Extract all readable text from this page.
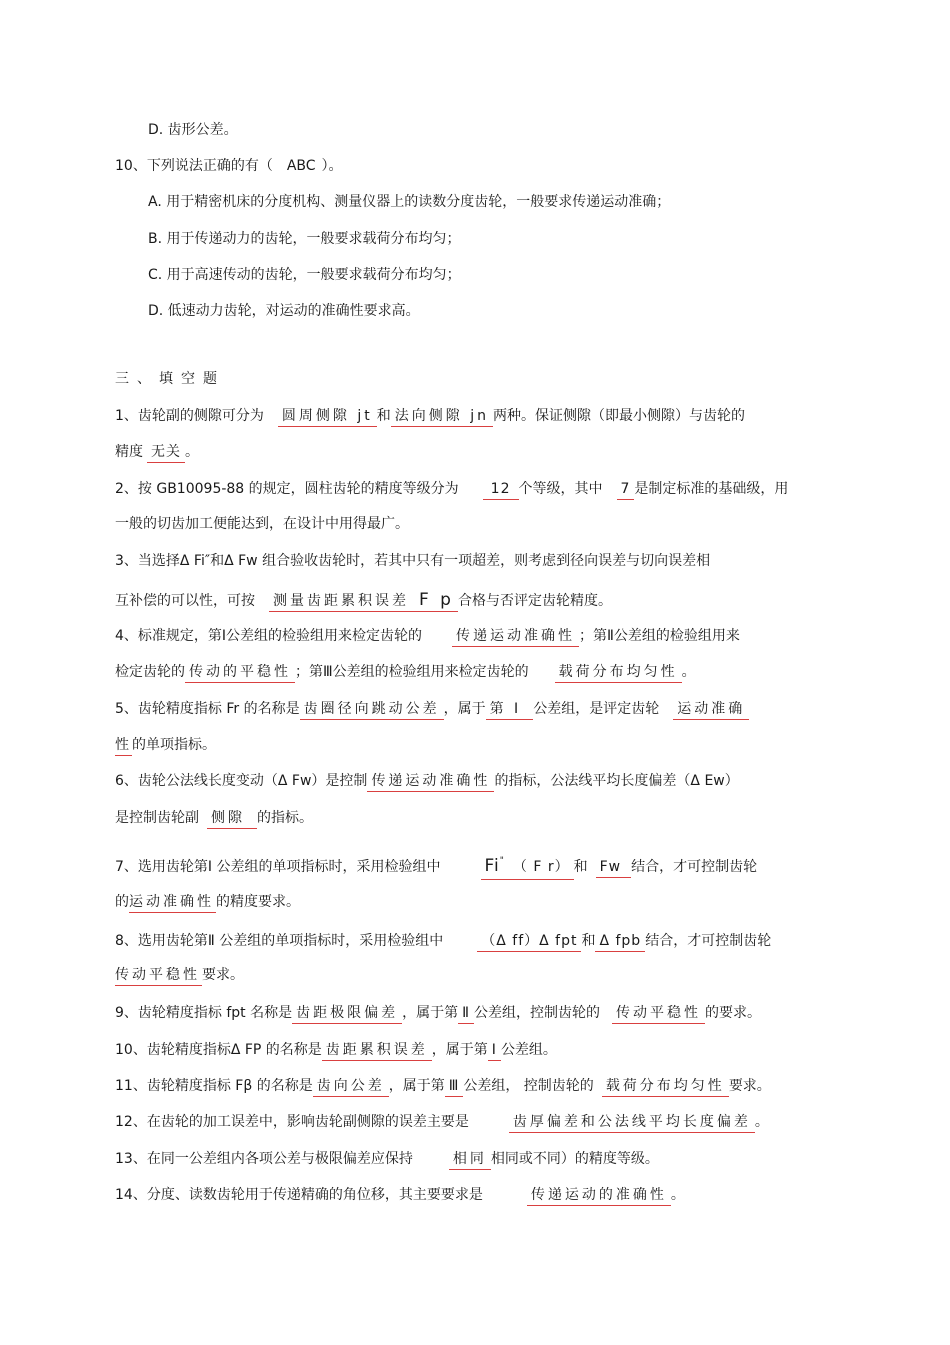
D. 齿形公差。
10、下列说法正确的有（ ABC ）。
A. 用于精密机床的分度机构、测量仪器上的读数分度齿轮，一般要求传递运动准确；
B. 用于传递动力的齿轮，一般要求载荷分布均匀；
C. 用于高速传动的齿轮，一般要求载荷分布均匀；
D. 低速动力齿轮，对运动的准确性要求高。
三、填空题
1、齿轮副的侧隙可分为 圆周侧隙 jt 和 法向侧隙 jn 两种。保证侧隙（即最小侧隙）与齿轮的
精度 无关 。
2、按 GB10095-88 的规定，圆柱齿轮的精度等级分为 12 个等级，其中 7 是制定标准的基础级，用
一般的切齿加工便能达到，在设计中用得最广。
3、当选择Δ Fi″和Δ Fw 组合验收齿轮时，若其中只有一项超差，则考虑到径向误差与切向误差相
互补偿的可以性，可按 测量齿距累积误差 F p 合格与否评定齿轮精度。
4、标准规定，第Ⅰ公差组的检验组用来检定齿轮的 传递运动准确性 ；第Ⅱ公差组的检验组用来
检定齿轮的 传动的平稳性 ；第Ⅲ公差组的检验组用来检定齿轮的 载荷分布均匀性 。
5、齿轮精度指标 Fr 的名称是 齿圈径向跳动公差 ，属于 第 Ⅰ 公差组，是评定齿轮 运动准确
性 的单项指标。
6、齿轮公法线长度变动（Δ Fw）是控制 传递运动准确性 的指标，公法线平均长度偏差（Δ Ew）
是控制齿轮副 侧隙 的指标。
7、选用齿轮第Ⅰ 公差组的单项指标时，采用检验组中	Fi" （ F r） 和 Fw 结合，才可控制齿轮
的运动准确性 的精度要求。
8、选用齿轮第Ⅱ 公差组的单项指标时，采用检验组中	（Δ ff）Δ fpt 和 Δ fpb 结合，才可控制齿轮
传动平稳性 要求。
9、齿轮精度指标 fpt 名称是 齿距极限偏差 ，属于第 Ⅱ 公差组，控制齿轮的 传动平稳性 的要求。
10、齿轮精度指标Δ FP 的名称是 齿距累积误差 ，属于第 Ⅰ 公差组。
11、齿轮精度指标 Fβ 的名称是 齿向公差 ，属于第 Ⅲ 公差组， 控制齿轮的 载荷分布均匀性 要求。
12、在齿轮的加工误差中，影响齿轮副侧隙的误差主要是	齿厚偏差和公法线平均长度偏差 。
13、在同一公差组内各项公差与极限偏差应保持	相同 相同或不同）的精度等级。
14、分度、读数齿轮用于传递精确的角位移，其主要要求是	传递运动的准确性 。
